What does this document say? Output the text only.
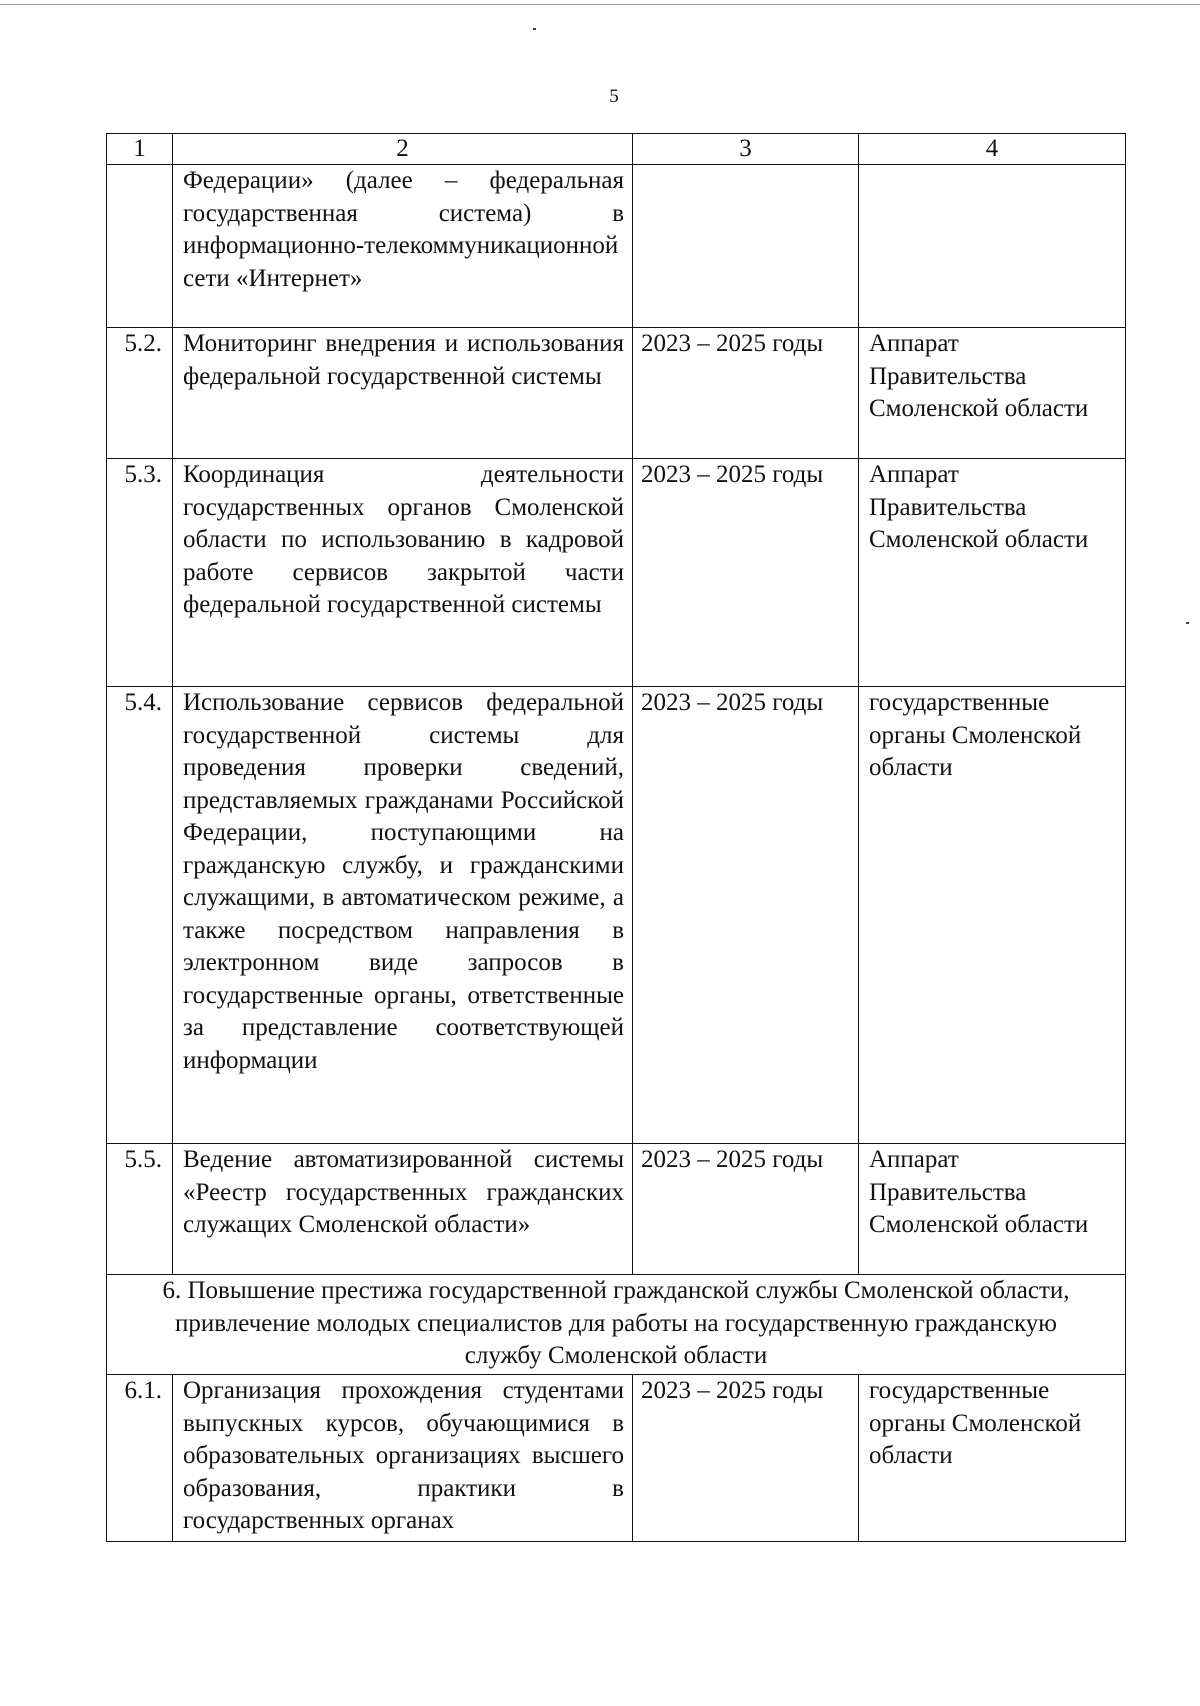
5
1	2	3	4
	Федерации» (далее – федеральная государственная система) в информационно-телекоммуникационной сети «Интернет»		
5.2.	Мониторинг внедрения и использования федеральной государственной системы	2023 – 2025 годы	Аппарат Правительства Смоленской области
5.3.	Координация деятельности государственных органов Смоленской области по использованию в кадровой работе сервисов закрытой части федеральной государственной системы	2023 – 2025 годы	Аппарат Правительства Смоленской области
5.4.	Использование сервисов федеральной государственной системы для проведения проверки сведений, представляемых гражданами Российской Федерации, поступающими на гражданскую службу, и гражданскими служащими, в автоматическом режиме, а также посредством направления в электронном виде запросов в государственные органы, ответственные за представление соответствующей информации	2023 – 2025 годы	государственные органы Смоленской области
5.5.	Ведение автоматизированной системы «Реестр государственных гражданских служащих Смоленской области»	2023 – 2025 годы	Аппарат Правительства Смоленской области
6. Повышение престижа государственной гражданской службы Смоленской области, привлечение молодых специалистов для работы на государственную гражданскую службу Смоленской области			
6.1.	Организация прохождения студентами выпускных курсов, обучающимися в образовательных организациях высшего образования, практики в государственных органах	2023 – 2025 годы	государственные органы Смоленской области
